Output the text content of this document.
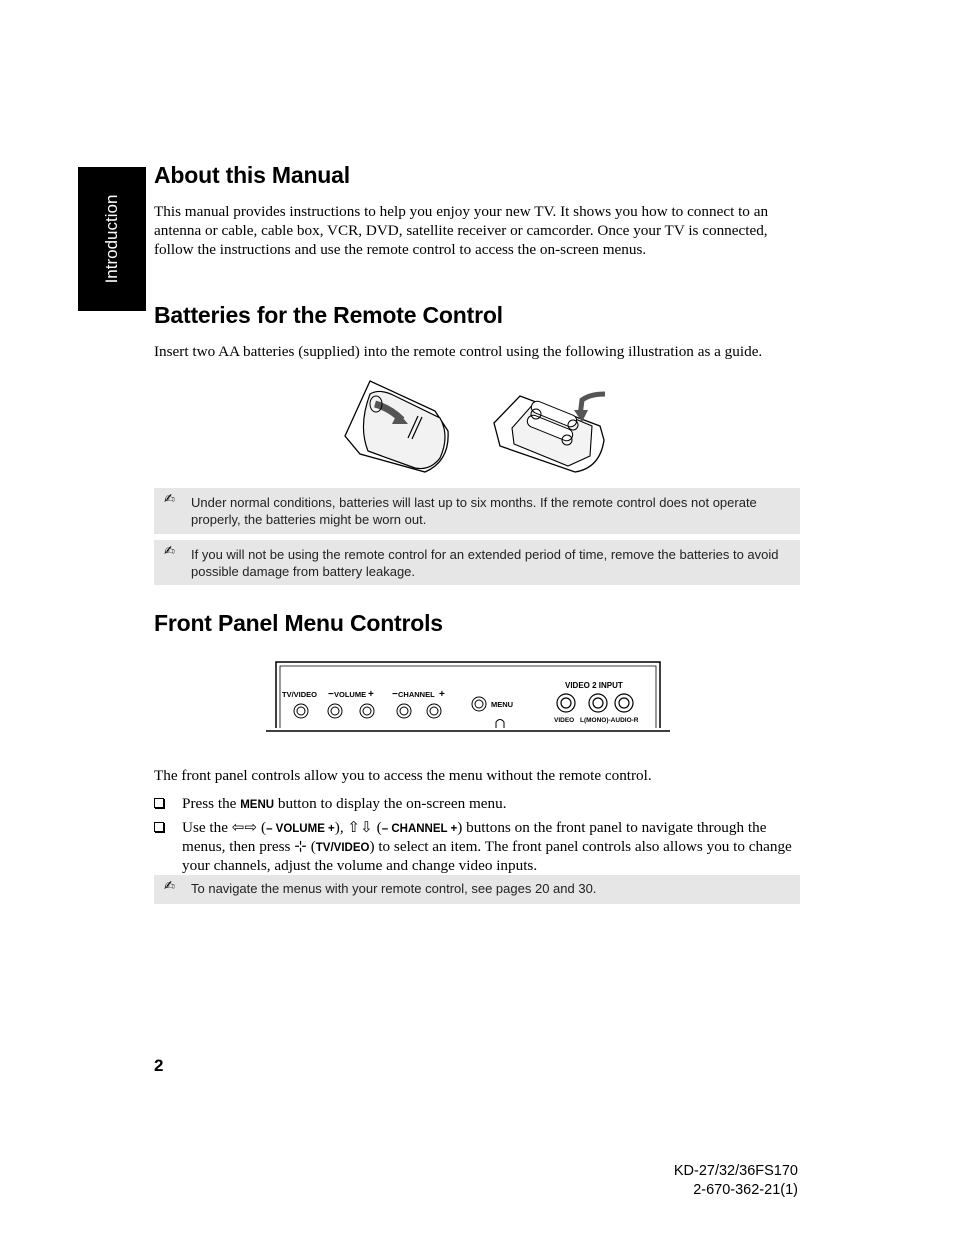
Introduction
About this Manual

This manual provides instructions to help you enjoy your new TV. It shows you how to connect to an antenna or cable, cable box, VCR, DVD, satellite receiver or camcorder. Once your TV is connected, follow the instructions and use the remote control to access the on-screen menus.

Batteries for the Remote Control

Insert two AA batteries (supplied) into the remote control using the following illustration as a guide.

✍ Under normal conditions, batteries will last up to six months. If the remote control does not operate properly, the batteries might be worn out.
✍ If you will not be using the remote control for an extended period of time, remove the batteries to avoid possible damage from battery leakage.
Front Panel Menu Controls
TV/VIDEO − VOLUME + − CHANNEL +
MENU
VIDEO 2 INPUT
VIDEO L(MONO)-AUDIO-R

The front panel controls allow you to access the menu without the remote control.

Press the MENU button to display the on-screen menu.
Use the ⇦⇨ (– VOLUME +), ⇧⇩ (– CHANNEL +) buttons on the front panel to navigate through the menus, then press ⊹ (TV/VIDEO) to select an item. The front panel controls also allows you to change your channels, adjust the volume and change video inputs.
✍ To navigate the menus with your remote control, see pages 20 and 30.
2
KD-27/32/36FS170
2-670-362-21(1)
